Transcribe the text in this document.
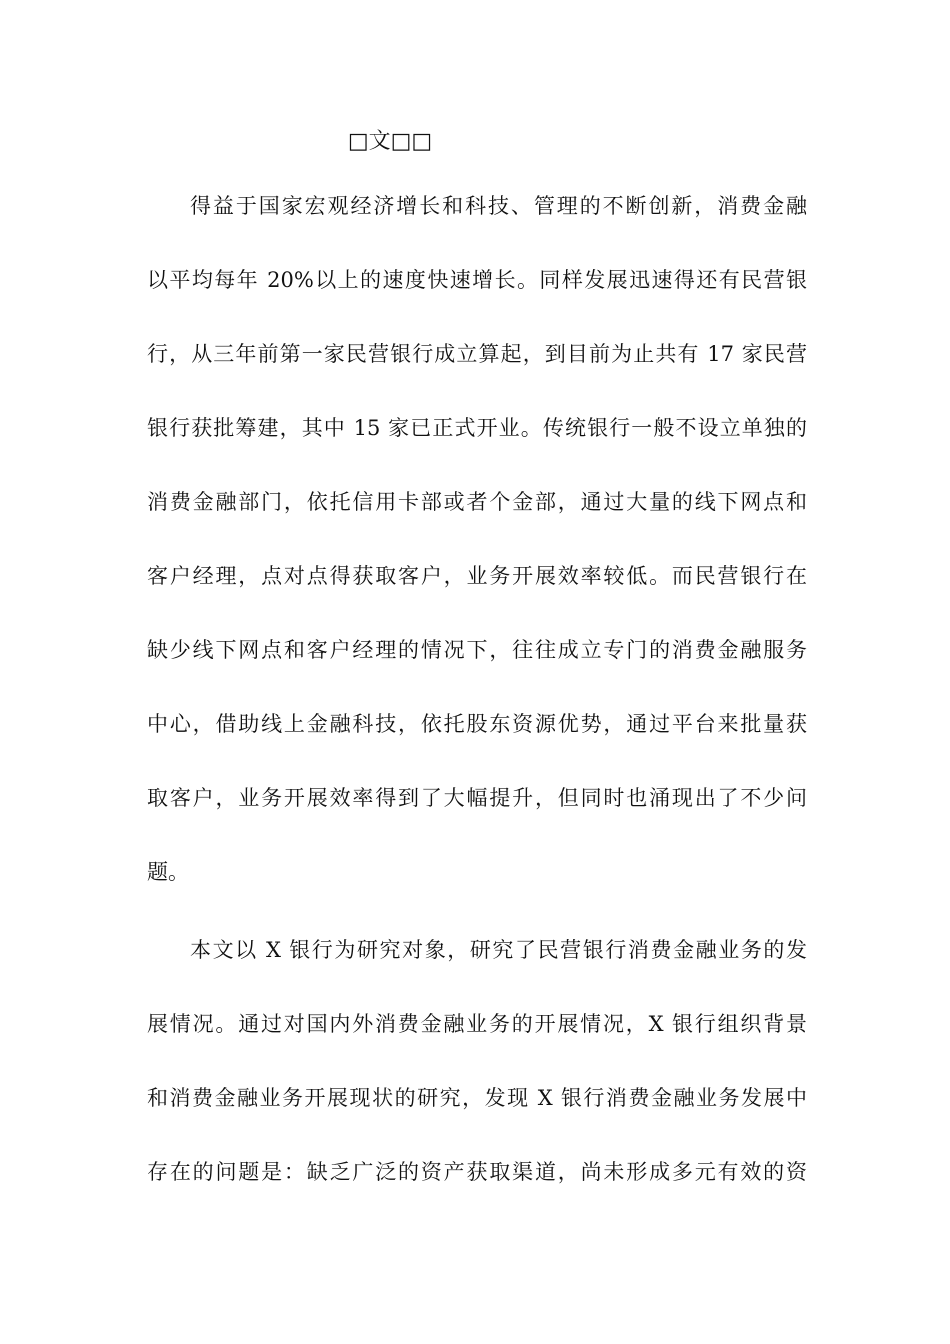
□文□□
得益于国家宏观经济增长和科技、管理的不断创新，消费金融
以平均每年 20%以上的速度快速增长。同样发展迅速得还有民营银
行，从三年前第一家民营银行成立算起，到目前为止共有 17 家民营
银行获批筹建，其中 15 家已正式开业。传统银行一般不设立单独的
消费金融部门，依托信用卡部或者个金部，通过大量的线下网点和
客户经理，点对点得获取客户，业务开展效率较低。而民营银行在
缺少线下网点和客户经理的情况下，往往成立专门的消费金融服务
中心，借助线上金融科技，依托股东资源优势，通过平台来批量获
取客户，业务开展效率得到了大幅提升，但同时也涌现出了不少问
题。
本文以 X 银行为研究对象，研究了民营银行消费金融业务的发
展情况。通过对国内外消费金融业务的开展情况，X 银行组织背景
和消费金融业务开展现状的研究，发现 X 银行消费金融业务发展中
存在的问题是：缺乏广泛的资产获取渠道，尚未形成多元有效的资
